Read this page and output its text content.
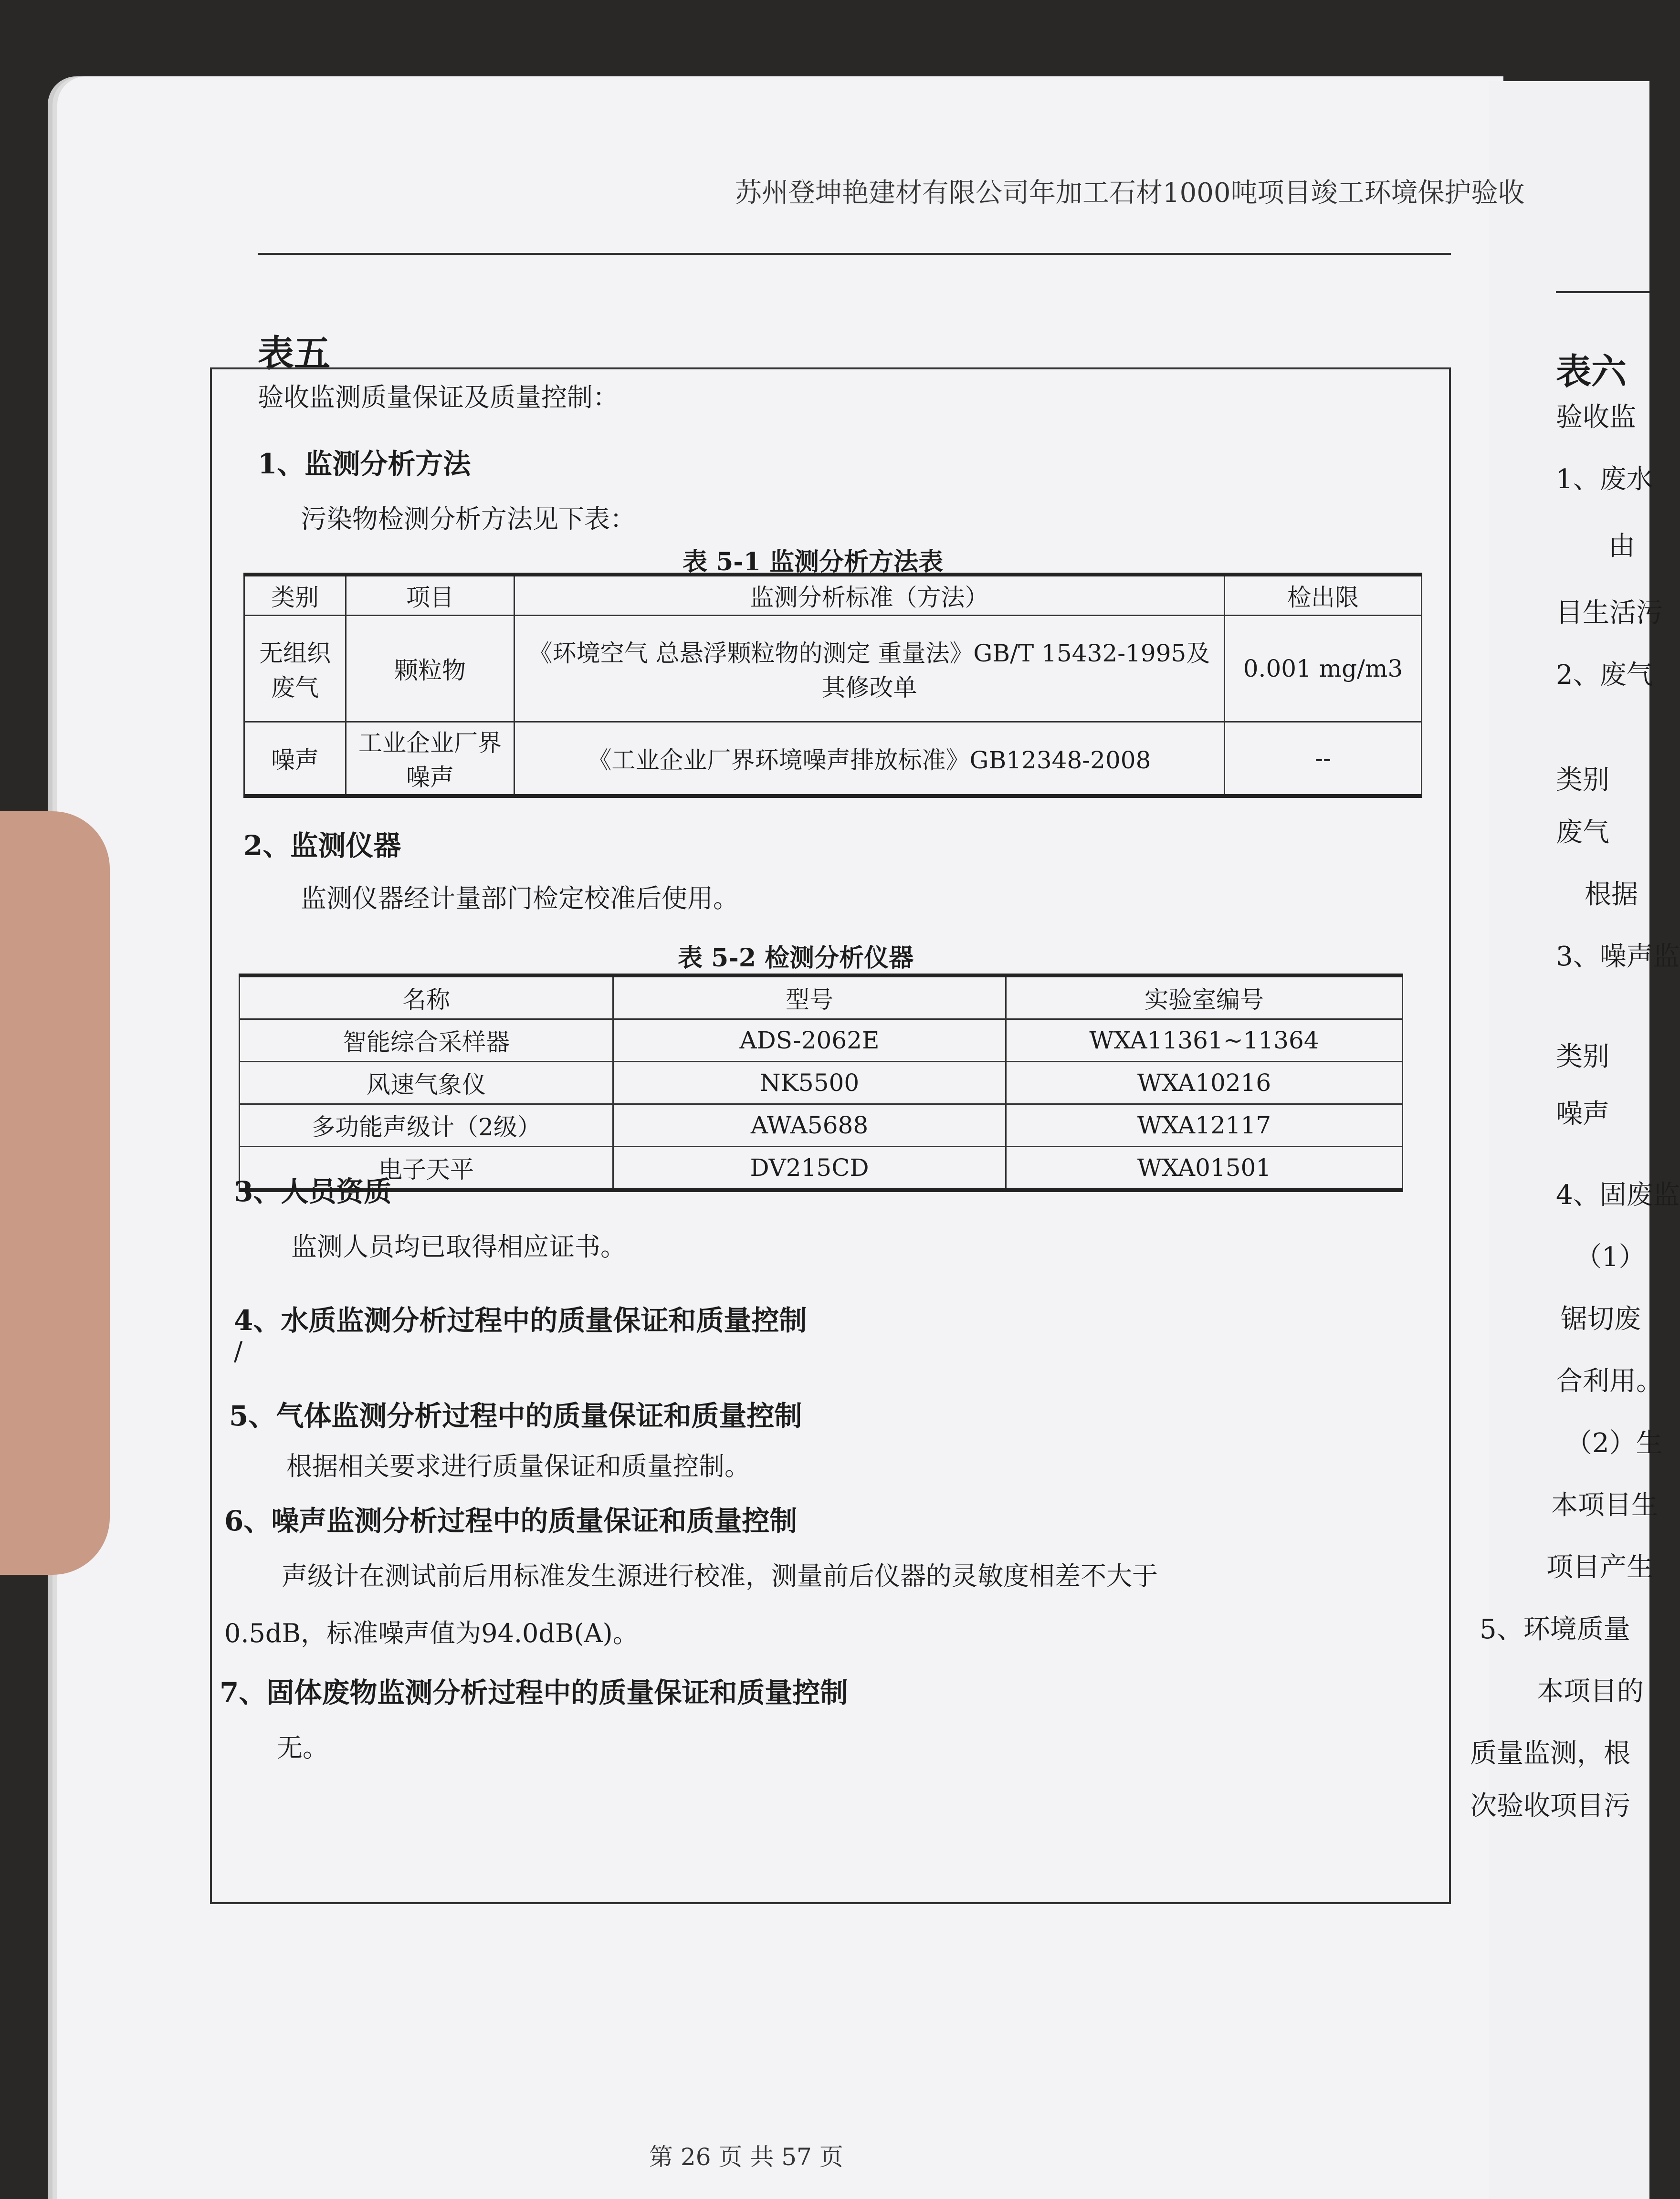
苏州登坤艳建材有限公司年加工石材1000吨项目竣工环境保护验收
表五
验收监测质量保证及质量控制：
1、监测分析方法
污染物检测分析方法见下表：
表 5-1 监测分析方法表
类别	项目	监测分析标准（方法）	检出限
无组织废气	颗粒物	《环境空气 总悬浮颗粒物的测定 重量法》GB/T 15432-1995及其修改单	0.001 mg/m3
噪声	工业企业厂界噪声	《工业企业厂界环境噪声排放标准》GB12348-2008	--
2、监测仪器
监测仪器经计量部门检定校准后使用。
表 5-2 检测分析仪器
名称	型号	实验室编号
智能综合采样器	ADS-2062E	WXA11361~11364
风速气象仪	NK5500	WXA10216
多功能声级计（2级）	AWA5688	WXA12117
电子天平	DV215CD	WXA01501
3、人员资质
监测人员均已取得相应证书。
4、水质监测分析过程中的质量保证和质量控制
/
5、气体监测分析过程中的质量保证和质量控制
根据相关要求进行质量保证和质量控制。
6、噪声监测分析过程中的质量保证和质量控制
声级计在测试前后用标准发生源进行校准，测量前后仪器的灵敏度相差不大于
0.5dB，标准噪声值为94.0dB(A)。
7、固体废物监测分析过程中的质量保证和质量控制
无。
第 26 页 共 57 页
表六
验收监
1、废水
由
目生活污
2、废气
类别
废气
根据
3、噪声监
类别
噪声
4、固废监
（1）
锯切废
合利用。
（2）生
本项目生
项目产生
5、环境质量
本项目的
质量监测，根
次验收项目污
